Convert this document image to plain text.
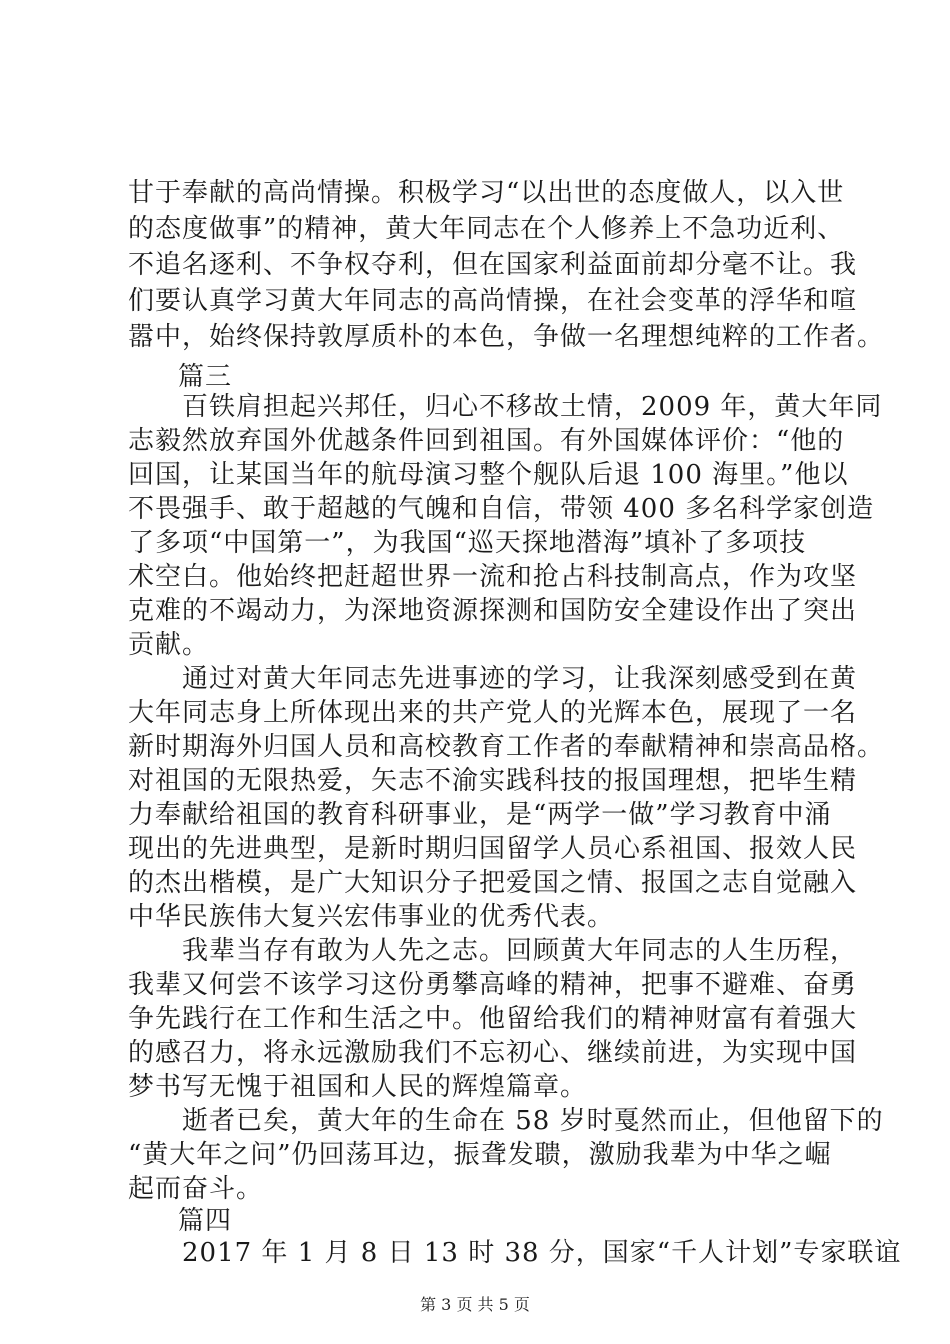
甘于奉献的高尚情操。积极学习“以出世的态度做人，以入世
的态度做事”的精神，黄大年同志在个人修养上不急功近利、
不追名逐利、不争权夺利，但在国家利益面前却分毫不让。我
们要认真学习黄大年同志的高尚情操，在社会变革的浮华和喧
嚣中，始终保持敦厚质朴的本色，争做一名理想纯粹的工作者。
篇三
　　百铁肩担起兴邦任，归心不移故土情，2009 年，黄大年同
志毅然放弃国外优越条件回到祖国。有外国媒体评价：“他的
回国，让某国当年的航母演习整个舰队后退 100 海里。”他以
不畏强手、敢于超越的气魄和自信，带领 400 多名科学家创造
了多项“中国第一”，为我国“巡天探地潜海”填补了多项技
术空白。他始终把赶超世界一流和抢占科技制高点，作为攻坚
克难的不竭动力，为深地资源探测和国防安全建设作出了突出
贡献。
　　通过对黄大年同志先进事迹的学习，让我深刻感受到在黄
大年同志身上所体现出来的共产党人的光辉本色，展现了一名
新时期海外归国人员和高校教育工作者的奉献精神和崇高品格。
对祖国的无限热爱，矢志不渝实践科技的报国理想，把毕生精
力奉献给祖国的教育科研事业，是“两学一做”学习教育中涌
现出的先进典型，是新时期归国留学人员心系祖国、报效人民
的杰出楷模，是广大知识分子把爱国之情、报国之志自觉融入
中华民族伟大复兴宏伟事业的优秀代表。
　　我辈当存有敢为人先之志。回顾黄大年同志的人生历程，
我辈又何尝不该学习这份勇攀高峰的精神，把事不避难、奋勇
争先践行在工作和生活之中。他留给我们的精神财富有着强大
的感召力，将永远激励我们不忘初心、继续前进，为实现中国
梦书写无愧于祖国和人民的辉煌篇章。
　　逝者已矣，黄大年的生命在 58 岁时戛然而止，但他留下的
“黄大年之问”仍回荡耳边，振聋发聩，激励我辈为中华之崛
起而奋斗。
篇四
　　2017 年 1 月 8 日 13 时 38 分，国家“千人计划”专家联谊
第 3 页 共 5 页
